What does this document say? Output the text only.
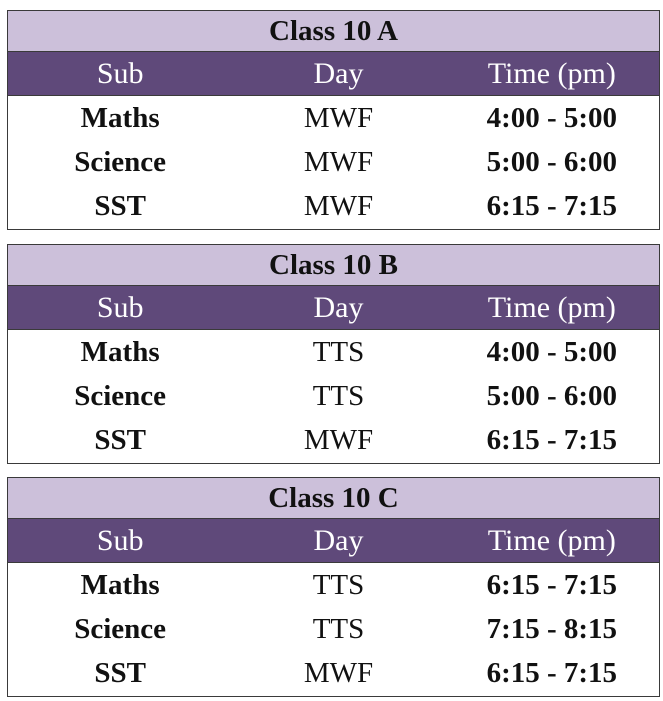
Class 10 A
Sub	Day	Time (pm)
Maths	MWF	4:00 - 5:00
Science	MWF	5:00 - 6:00
SST	MWF	6:15 - 7:15
Class 10 B
Sub	Day	Time (pm)
Maths	TTS	4:00 - 5:00
Science	TTS	5:00 - 6:00
SST	MWF	6:15 - 7:15
Class 10 C
Sub	Day	Time (pm)
Maths	TTS	6:15 - 7:15
Science	TTS	7:15 - 8:15
SST	MWF	6:15 - 7:15
